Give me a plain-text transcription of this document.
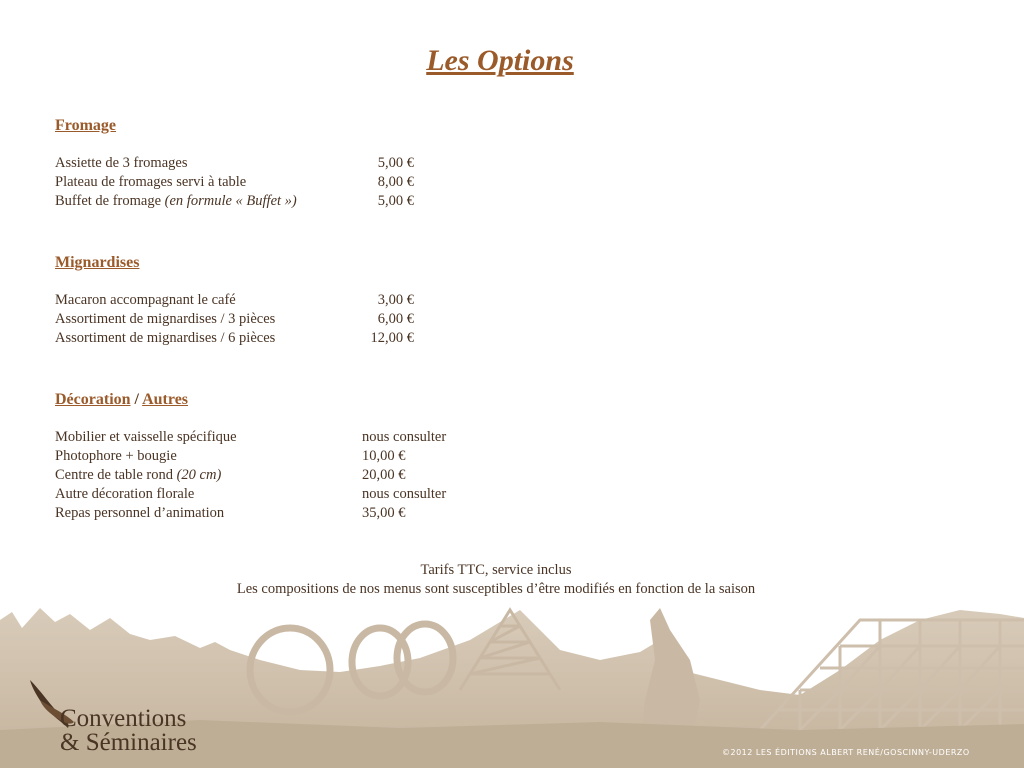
Les Options
Fromage
Assiette de 3 fromages	5,00 €
Plateau de fromages servi à table	8,00 €
Buffet de fromage (en formule « Buffet »)	5,00 €
Mignardises
Macaron accompagnant le café	3,00 €
Assortiment de mignardises / 3 pièces	6,00 €
Assortiment de mignardises / 6 pièces	12,00 €
Décoration / Autres
Mobilier et vaisselle spécifique	nous consulter
Photophore + bougie	10,00 €
Centre de table rond (20 cm)	20,00 €
Autre décoration florale	nous consulter
Repas personnel d’animation	35,00 €
Tarifs TTC, service inclus
Les compositions de nos menus sont susceptibles d’être modifiés en fonction de la saison
Conventions
& Séminaires	©2012 LES ÉDITIONS ALBERT RENÉ/GOSCINNY-UDERZO
